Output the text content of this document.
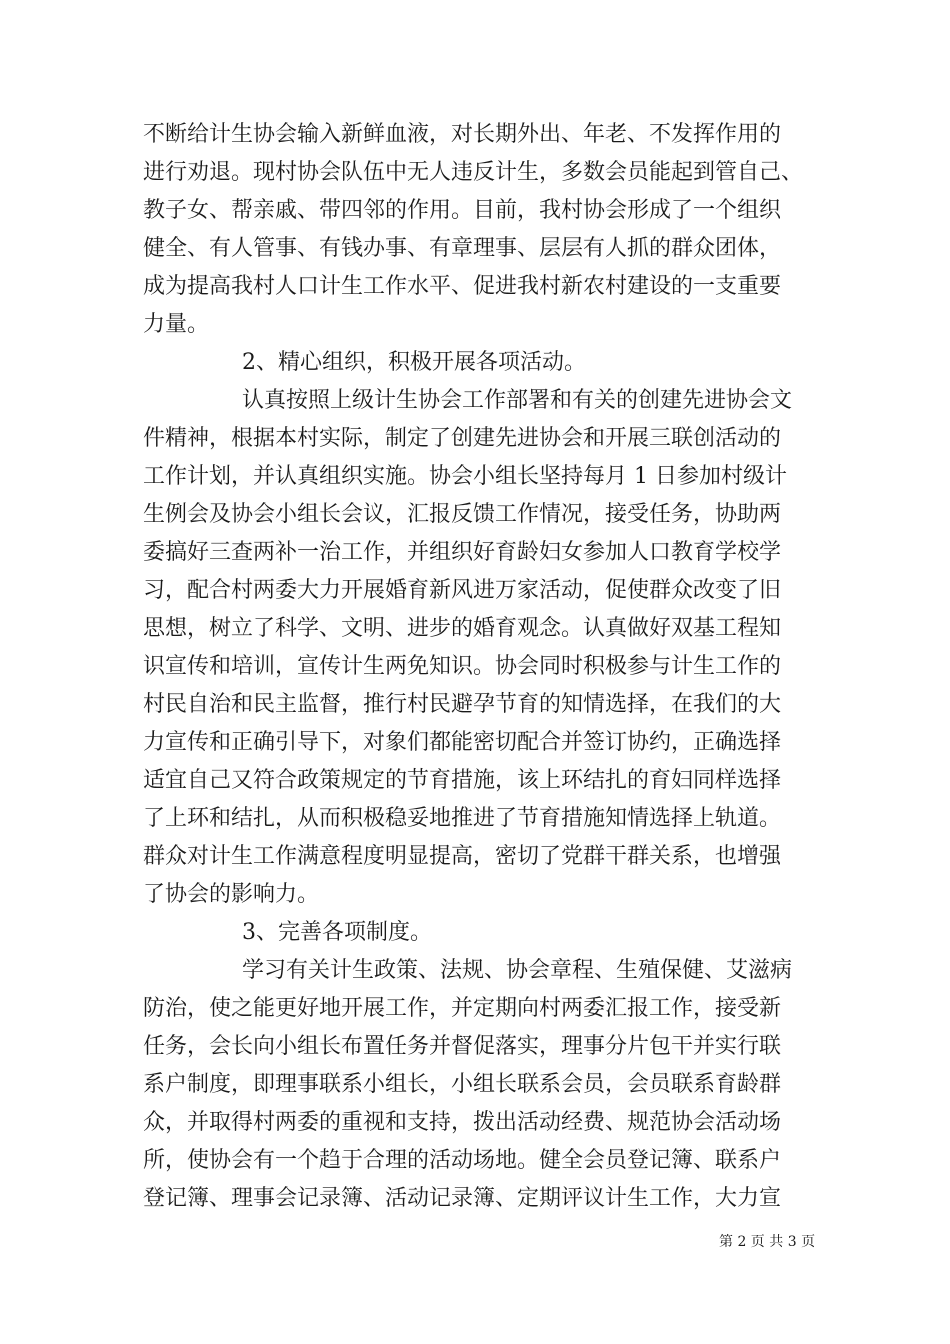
不断给计生协会输入新鲜血液，对长期外出、年老、不发挥作用的
进行劝退。现村协会队伍中无人违反计生，多数会员能起到管自己、
教子女、帮亲戚、带四邻的作用。目前，我村协会形成了一个组织
健全、有人管事、有钱办事、有章理事、层层有人抓的群众团体，
成为提高我村人口计生工作水平、促进我村新农村建设的一支重要
力量。
2、精心组织，积极开展各项活动。
认真按照上级计生协会工作部署和有关的创建先进协会文
件精神，根据本村实际，制定了创建先进协会和开展三联创活动的
工作计划，并认真组织实施。协会小组长坚持每月 1 日参加村级计
生例会及协会小组长会议，汇报反馈工作情况，接受任务，协助两
委搞好三查两补一治工作，并组织好育龄妇女参加人口教育学校学
习，配合村两委大力开展婚育新风进万家活动，促使群众改变了旧
思想，树立了科学、文明、进步的婚育观念。认真做好双基工程知
识宣传和培训，宣传计生两免知识。协会同时积极参与计生工作的
村民自治和民主监督，推行村民避孕节育的知情选择，在我们的大
力宣传和正确引导下，对象们都能密切配合并签订协约，正确选择
适宜自己又符合政策规定的节育措施，该上环结扎的育妇同样选择
了上环和结扎，从而积极稳妥地推进了节育措施知情选择上轨道。
群众对计生工作满意程度明显提高，密切了党群干群关系，也增强
了协会的影响力。
3、完善各项制度。
学习有关计生政策、法规、协会章程、生殖保健、艾滋病
防治，使之能更好地开展工作，并定期向村两委汇报工作，接受新
任务，会长向小组长布置任务并督促落实，理事分片包干并实行联
系户制度，即理事联系小组长，小组长联系会员，会员联系育龄群
众，并取得村两委的重视和支持，拨出活动经费、规范协会活动场
所，使协会有一个趋于合理的活动场地。健全会员登记簿、联系户
登记簿、理事会记录簿、活动记录簿、定期评议计生工作，大力宣
第 2 页 共 3 页
